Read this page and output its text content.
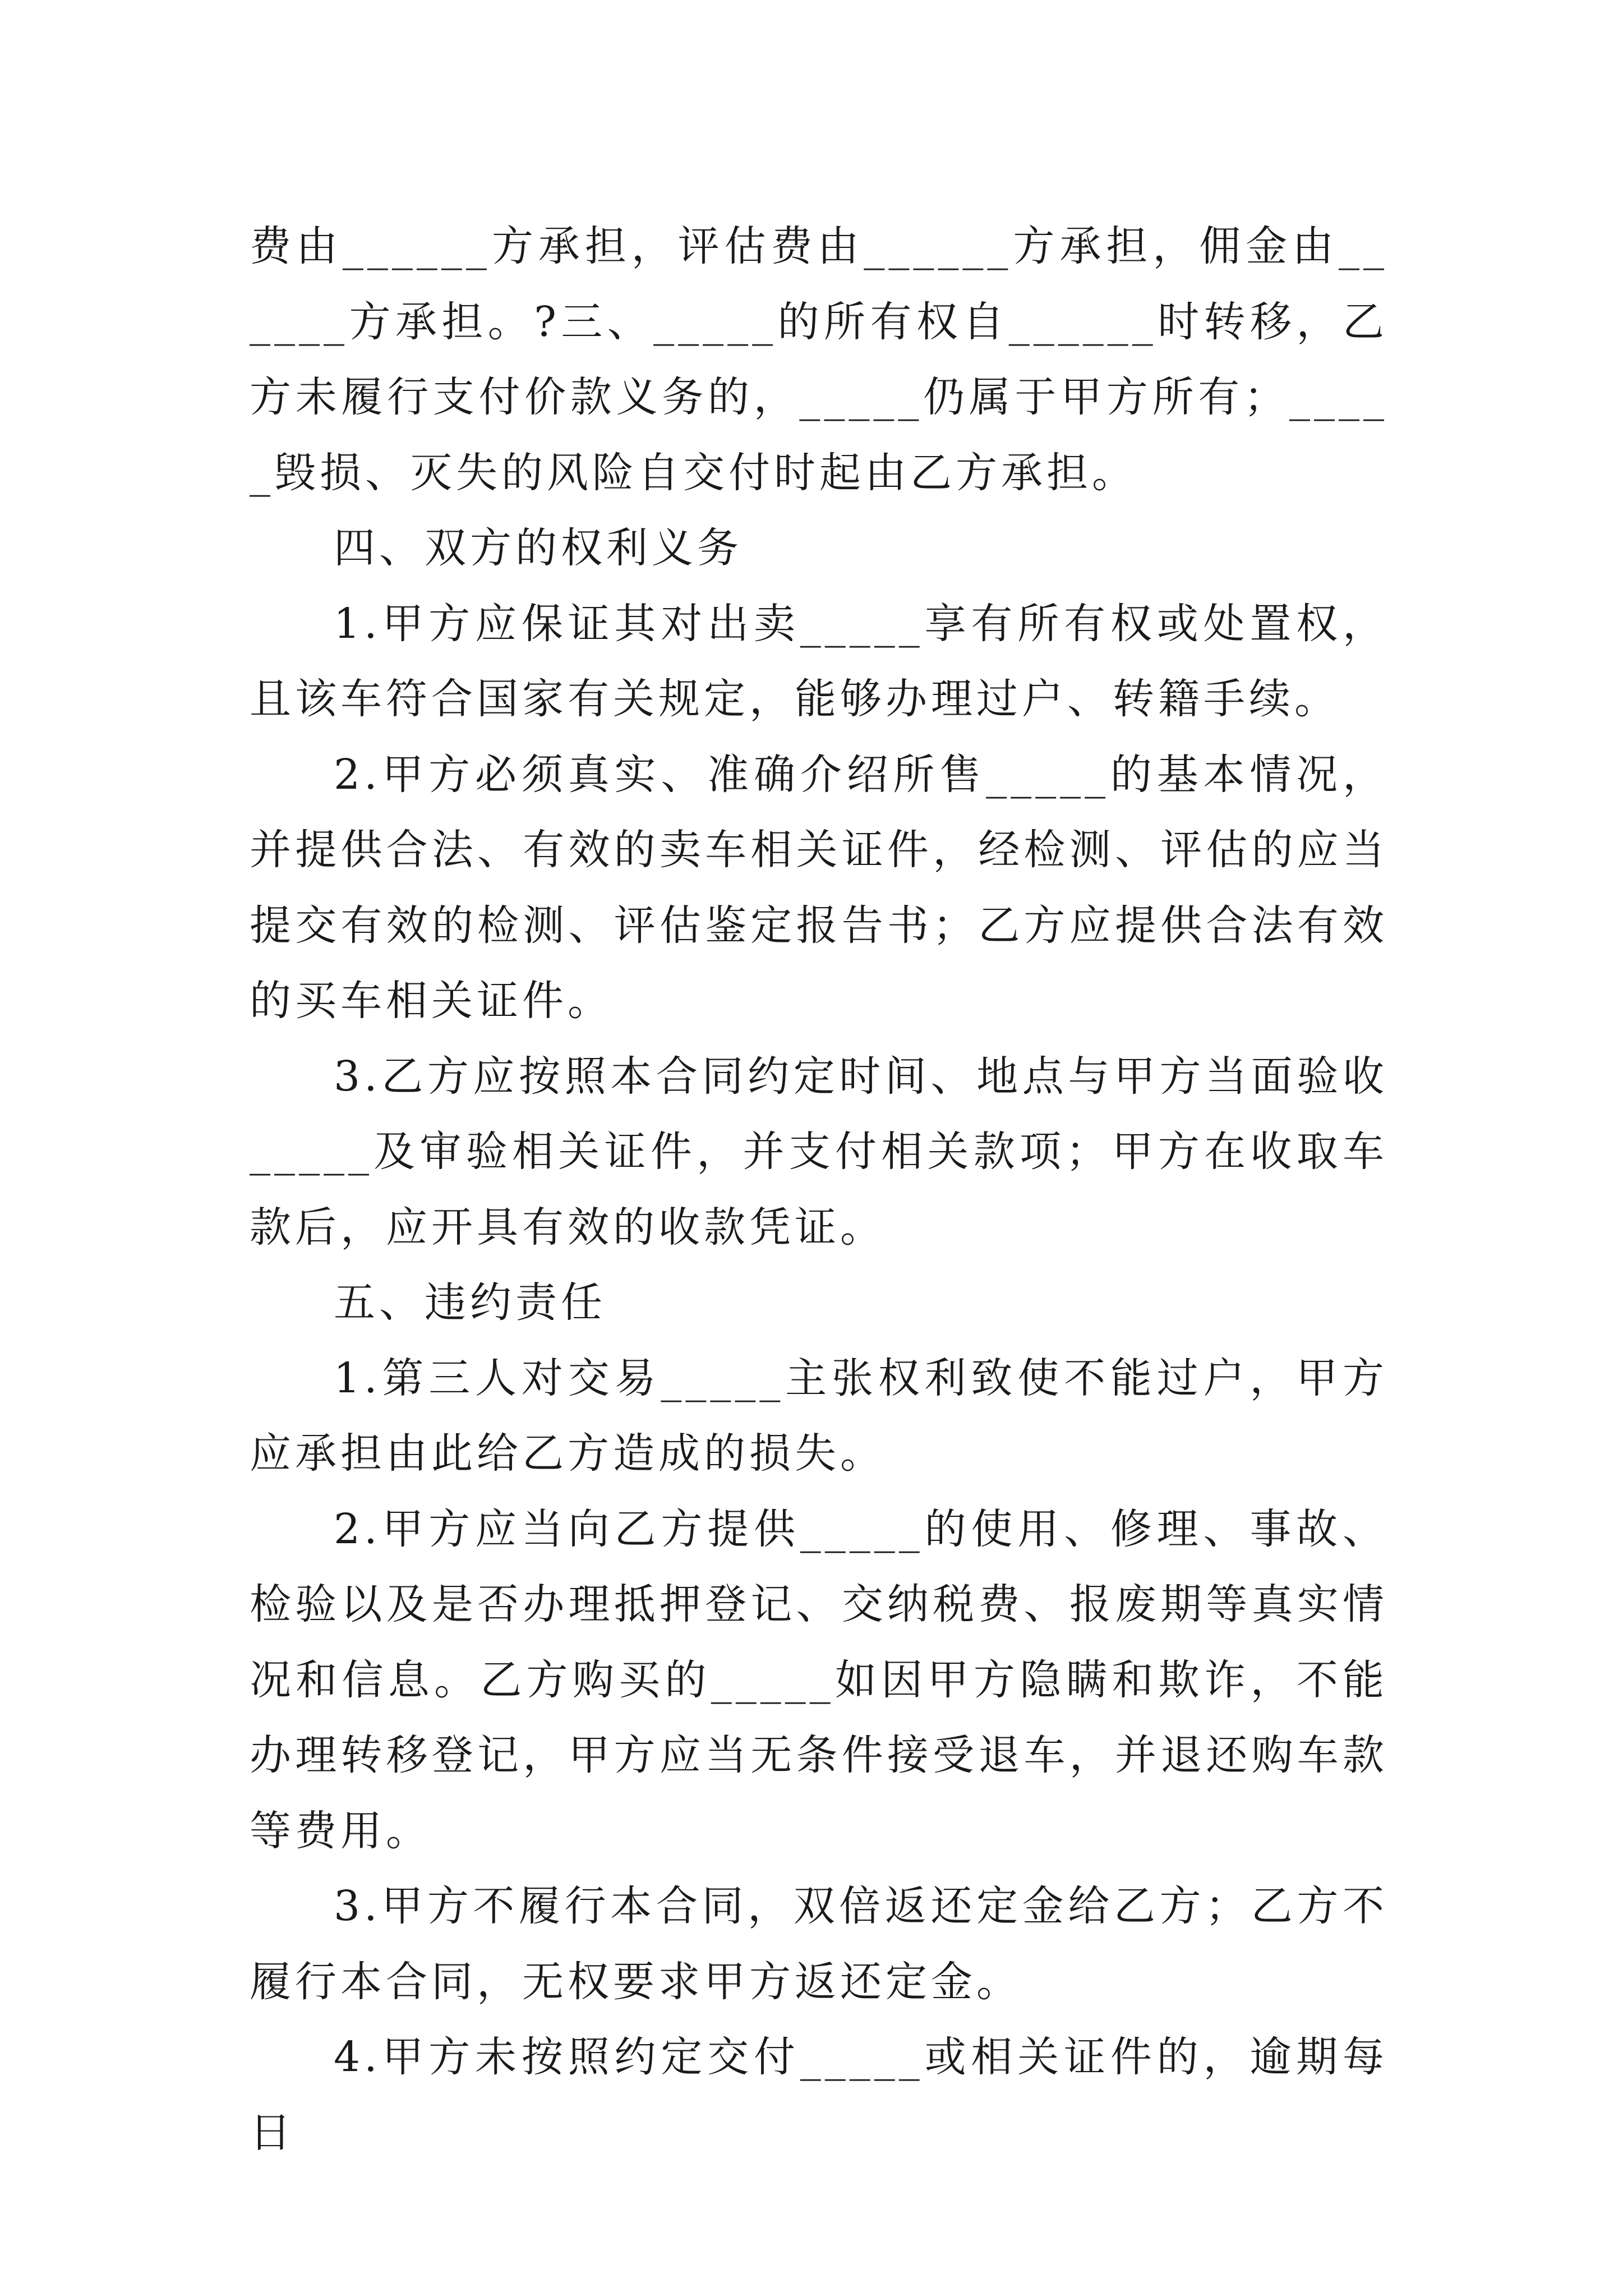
费由______方承担，评估费由______方承担，佣金由______方承担。?三、_____的所有权自______时转移，乙方未履行支付价款义务的，_____仍属于甲方所有；_____毁损、灭失的风险自交付时起由乙方承担。

四、双方的权利义务

1.甲方应保证其对出卖_____享有所有权或处置权，且该车符合国家有关规定，能够办理过户、转籍手续。

2.甲方必须真实、准确介绍所售_____的基本情况，并提供合法、有效的卖车相关证件，经检测、评估的应当提交有效的检测、评估鉴定报告书；乙方应提供合法有效的买车相关证件。

3.乙方应按照本合同约定时间、地点与甲方当面验收_____及审验相关证件，并支付相关款项；甲方在收取车款后，应开具有效的收款凭证。

五、违约责任

1.第三人对交易_____主张权利致使不能过户，甲方应承担由此给乙方造成的损失。

2.甲方应当向乙方提供_____的使用、修理、事故、检验以及是否办理抵押登记、交纳税费、报废期等真实情况和信息。乙方购买的_____如因甲方隐瞒和欺诈，不能办理转移登记，甲方应当无条件接受退车，并退还购车款等费用。

3.甲方不履行本合同，双倍返还定金给乙方；乙方不履行本合同，无权要求甲方返还定金。

4.甲方未按照约定交付_____或相关证件的，逾期每日
